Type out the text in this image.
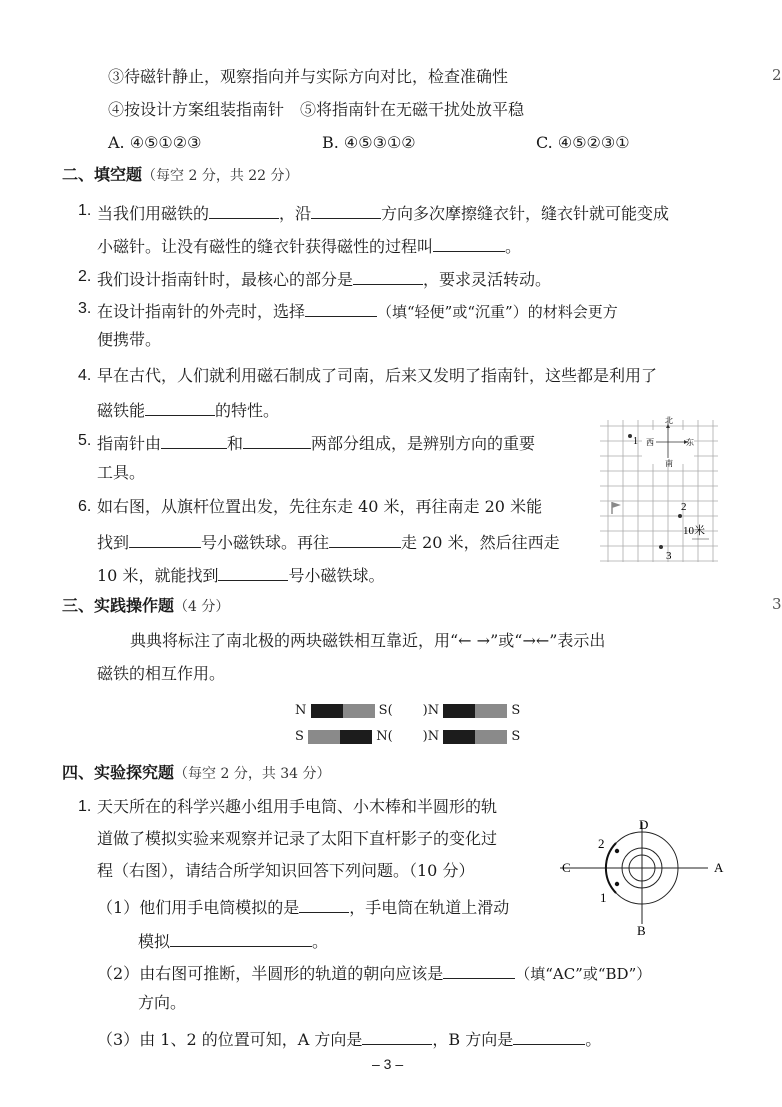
③待磁针静止，观察指向并与实际方向对比，检查准确性
④按设计方案组装指南针　⑤将指南针在无磁干扰处放平稳
A. ④⑤①②③	B. ④⑤③①②	C. ④⑤②③①
二、填空题（每空 2 分，共 22 分）
1. 当我们用磁铁的	，沿	方向多次摩擦缝衣针，缝衣针就可能变成
小磁针。让没有磁性的缝衣针获得磁性的过程叫	。
2. 我们设计指南针时，最核心的部分是	，要求灵活转动。
3. 在设计指南针的外壳时，选择	（填“轻便”或“沉重”）的材料会更方
便携带。
4. 早在古代，人们就利用磁石制成了司南，后来又发明了指南针，这些都是利用了
磁铁能	的特性。
5. 指南针由	和	两部分组成，是辨别方向的重要
工具。
6. 如右图，从旗杆位置出发，先往东走 40 米，再往南走 20 米能
找到	号小磁铁球。再往	走 20 米，然后往西走
10 米，就能找到	号小磁铁球。
北
南
西	东
1
2
10米
3
三、实践操作题（4 分）
典典将标注了南北极的两块磁铁相互靠近，用“← →”或“→←”表示出
磁铁的相互作用。
N	S( )N	S
S	N( )N	S
四、实验探究题（每空 2 分，共 34 分）
1. 天天所在的科学兴趣小组用手电筒、小木棒和半圆形的轨
道做了模拟实验来观察并记录了太阳下直杆影子的变化过
程（右图），请结合所学知识回答下列问题。（10 分）
（1）他们用手电筒模拟的是	，手电筒在轨道上滑动
模拟	。
（2）由右图可推断，半圆形的轨道的朝向应该是	（填“AC”或“BD”）
方向。
（3）由 1、2 的位置可知，A 方向是	，B 方向是	。
D
A
B
C
2
1
– 3 –
2
3
